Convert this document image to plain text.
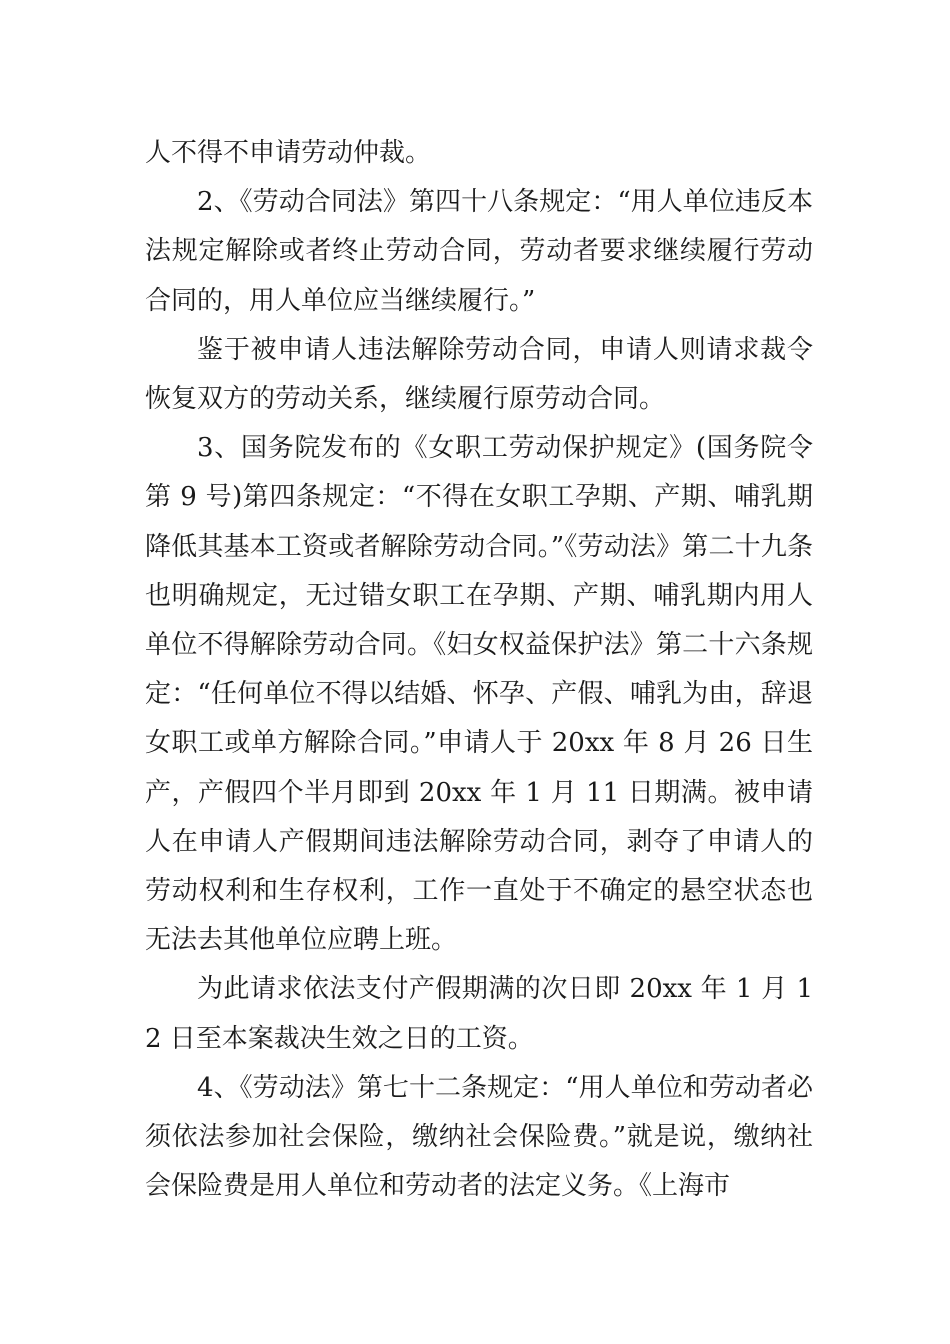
人不得不申请劳动仲裁。

2、《劳动合同法》第四十八条规定：“用人单位违反本法规定解除或者终止劳动合同，劳动者要求继续履行劳动合同的，用人单位应当继续履行。”

鉴于被申请人违法解除劳动合同，申请人则请求裁令恢复双方的劳动关系，继续履行原劳动合同。

3、国务院发布的《女职工劳动保护规定》(国务院令第 9 号)第四条规定：“不得在女职工孕期、产期、哺乳期降低其基本工资或者解除劳动合同。”《劳动法》第二十九条也明确规定，无过错女职工在孕期、产期、哺乳期内用人单位不得解除劳动合同。《妇女权益保护法》第二十六条规定：“任何单位不得以结婚、怀孕、产假、哺乳为由，辞退女职工或单方解除合同。”申请人于 20xx 年 8 月 26 日生产，产假四个半月即到 20xx 年 1 月 11 日期满。被申请人在申请人产假期间违法解除劳动合同，剥夺了申请人的劳动权利和生存权利，工作一直处于不确定的悬空状态也无法去其他单位应聘上班。

为此请求依法支付产假期满的次日即 20xx 年 1 月 12 日至本案裁决生效之日的工资。

4、《劳动法》第七十二条规定：“用人单位和劳动者必须依法参加社会保险，缴纳社会保险费。”就是说，缴纳社会保险费是用人单位和劳动者的法定义务。《上海市
